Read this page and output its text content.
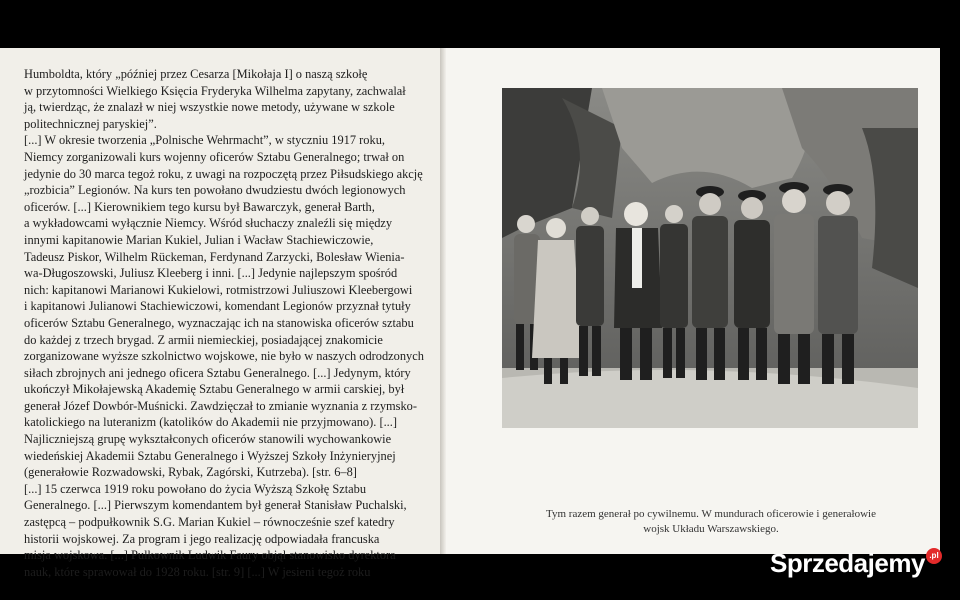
Humboldta, który „później przez Cesarza [Mikołaja I] o naszą szkołę

w przytomności Wielkiego Księcia Fryderyka Wilhelma zapytany, zachwalał

ją, twierdząc, że znalazł w niej wszystkie nowe metody, używane w szkole

politechnicznej paryskiej”.

[...] W okresie tworzenia „Polnische Wehrmacht”, w styczniu 1917 roku,

Niemcy zorganizowali kurs wojenny oficerów Sztabu Generalnego; trwał on

jedynie do 30 marca tegoż roku, z uwagi na rozpoczętą przez Piłsudskiego akcję

„rozbicia” Legionów. Na kurs ten powołano dwudziestu dwóch legionowych

oficerów. [...] Kierownikiem tego kursu był Bawarczyk, generał Barth,

a wykładowcami wyłącznie Niemcy. Wśród słuchaczy znaleźli się między

innymi kapitanowie Marian Kukiel, Julian i Wacław Stachiewiczowie,

Tadeusz Piskor, Wilhelm Rückeman, Ferdynand Zarzycki, Bolesław Wienia-

wa-Długoszowski, Juliusz Kleeberg i inni. [...] Jedynie najlepszym spośród

nich: kapitanowi Marianowi Kukielowi, rotmistrzowi Juliuszowi Kleebergowi

i kapitanowi Julianowi Stachiewiczowi, komendant Legionów przyznał tytuły

oficerów Sztabu Generalnego, wyznaczając ich na stanowiska oficerów sztabu

do każdej z trzech brygad. Z armii niemieckiej, posiadającej znakomicie

zorganizowane wyższe szkolnictwo wojskowe, nie było w naszych odrodzonych

siłach zbrojnych ani jednego oficera Sztabu Generalnego. [...] Jedynym, który

ukończył Mikołajewską Akademię Sztabu Generalnego w armii carskiej, był

generał Józef Dowbór-Muśnicki. Zawdzięczał to zmianie wyznania z rzymsko-

katolickiego na luteranizm (katolików do Akademii nie przyjmowano). [...]

Najliczniejszą grupę wykształconych oficerów stanowili wychowankowie

wiedeńskiej Akademii Sztabu Generalnego i Wyższej Szkoły Inżynieryjnej

(generałowie Rozwadowski, Rybak, Zagórski, Kutrzeba). [str. 6–8]

[...] 15 czerwca 1919 roku powołano do życia Wyższą Szkołę Sztabu

Generalnego. [...] Pierwszym komendantem był generał Stanisław Puchalski,

zastępcą – podpułkownik S.G. Marian Kukiel – równocześnie szef katedry

historii wojskowej. Za program i jego realizację odpowiadała francuska

misja wojskowa. [...] Pułkownik Ludwik Faury objął stanowisko dyrektora

nauk, które sprawował do 1928 roku. [str. 9] [...] W jesieni tegoż roku

Tym razem generał po cywilnemu. W mundurach oficerowie i generałowie
wojsk Układu Warszawskiego.
Sprzedajemy .pl
